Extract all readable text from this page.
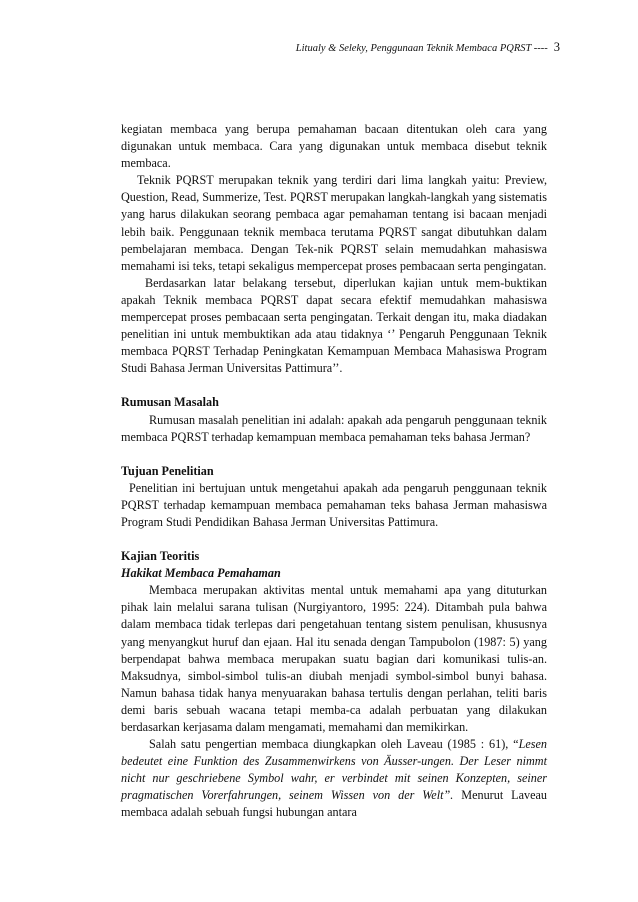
Litualy & Seleky, Penggunaan Teknik Membaca PQRST ---- 3

kegiatan membaca yang berupa pemahaman bacaan ditentukan oleh cara yang digunakan untuk membaca. Cara yang digunakan untuk membaca disebut teknik membaca.

Teknik PQRST merupakan teknik yang terdiri dari lima langkah yaitu: Preview, Question, Read, Summerize, Test. PQRST merupakan langkah-langkah yang sistematis yang harus dilakukan seorang pembaca agar pemahaman tentang isi bacaan menjadi lebih baik. Penggunaan teknik membaca terutama PQRST sangat dibutuhkan dalam pembelajaran membaca. Dengan Tek-nik PQRST selain memudahkan mahasiswa memahami isi teks, tetapi sekaligus mempercepat proses pembacaan serta pengingatan.

Berdasarkan latar belakang tersebut, diperlukan kajian untuk mem-buktikan apakah Teknik membaca PQRST dapat secara efektif memudahkan mahasiswa mempercepat proses pembacaan serta pengingatan. Terkait dengan itu, maka diadakan penelitian ini untuk membuktikan ada atau tidaknya ‘’ Pengaruh Penggunaan Teknik membaca PQRST Terhadap Peningkatan Kemampuan Membaca Mahasiswa Program Studi Bahasa Jerman Universitas Pattimura’’.

Rumusan Masalah

Rumusan masalah penelitian ini adalah: apakah ada pengaruh penggunaan teknik membaca PQRST terhadap kemampuan membaca pemahaman teks bahasa Jerman?

Tujuan Penelitian

Penelitian ini bertujuan untuk mengetahui apakah ada pengaruh penggunaan teknik PQRST terhadap kemampuan membaca pemahaman teks bahasa Jerman mahasiswa Program Studi Pendidikan Bahasa Jerman Universitas Pattimura.

Kajian Teoritis

Hakikat Membaca Pemahaman

Membaca merupakan aktivitas mental untuk memahami apa yang dituturkan pihak lain melalui sarana tulisan (Nurgiyantoro, 1995: 224). Ditambah pula bahwa dalam membaca tidak terlepas dari pengetahuan tentang sistem penulisan, khususnya yang menyangkut huruf dan ejaan. Hal itu senada dengan Tampubolon (1987: 5) yang berpendapat bahwa membaca merupakan suatu bagian dari komunikasi tulis-an. Maksudnya, simbol-simbol tulis-an diubah menjadi symbol-simbol bunyi bahasa. Namun bahasa tidak hanya menyuarakan bahasa tertulis dengan perlahan, teliti baris demi baris sebuah wacana tetapi memba-ca adalah perbuatan yang dilakukan berdasarkan kerjasama dalam mengamati, memahami dan memikirkan.

Salah satu pengertian membaca diungkapkan oleh Laveau (1985 : 61), “Lesen bedeutet eine Funktion des Zusammenwirkens von Äusser-ungen. Der Leser nimmt nicht nur geschriebene Symbol wahr, er verbindet mit seinen Konzepten, seiner pragmatischen Vorerfahrungen, seinem Wissen von der Welt”. Menurut Laveau membaca adalah sebuah fungsi hubungan antara
